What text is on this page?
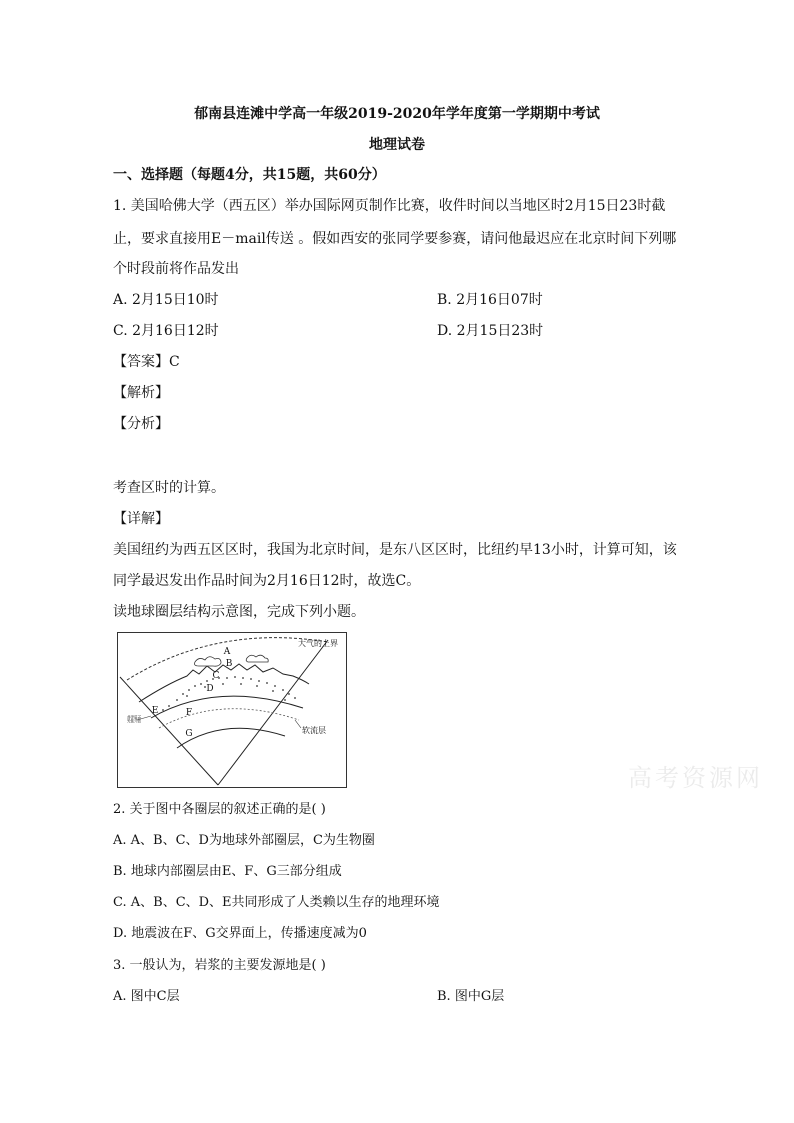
郁南县连滩中学高一年级2019-2020年学年度第一学期期中考试
地理试卷
一、选择题（每题4分，共15题，共60分）
1. 美国哈佛大学（西五区）举办国际网页制作比赛，收件时间以当地区时2月15日23时截
止，要求直接用E－mail传送 。假如西安的张同学要参赛，请问他最迟应在北京时间下列哪
个时段前将作品发出
A. 2月15日10时	B. 2月16日07时
C. 2月16日12时	D. 2月15日23时
【答案】C
【解析】
【分析】
考查区时的计算。
【详解】
美国纽约为西五区区时，我国为北京时间，是东八区区时，比纽约早13小时，计算可知，该
同学最迟发出作品时间为2月16日12时，故选C。
读地球圈层结构示意图，完成下列小题。
A
B
C
D
E	F
G
大气的上界
软流层
高考资源网
2. 关于图中各圈层的叙述正确的是( )
A. A、B、C、D为地球外部圈层，C为生物圈
B. 地球内部圈层由E、F、G三部分组成
C. A、B、C、D、E共同形成了人类赖以生存的地理环境
D. 地震波在F、G交界面上，传播速度减为0
3. 一般认为，岩浆的主要发源地是( )
A. 图中C层	B. 图中G层
